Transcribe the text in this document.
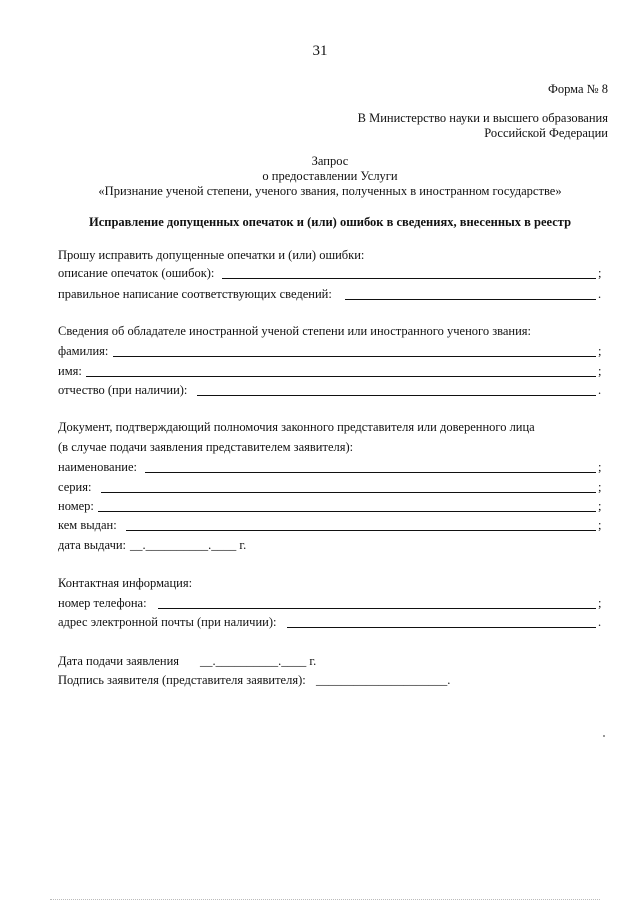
31
Форма № 8
В Министерство науки и высшего образования
Российской Федерации
Запрос
о предоставлении Услуги
«Признание ученой степени, ученого звания, полученных в иностранном государстве»
Исправление допущенных опечаток и (или) ошибок в сведениях, внесенных в реестр
Прошу исправить допущенные опечатки и (или) ошибки:
описание опечаток (ошибок):	;
правильное написание соответствующих сведений:	.
Сведения об обладателе иностранной ученой степени или иностранного ученого звания:
фамилия:	;
имя:	;
отчество (при наличии):	.
Документ, подтверждающий полномочия законного представителя или доверенного лица
(в случае подачи заявления представителем заявителя):
наименование:	;
серия:	;
номер:	;
кем выдан:	;
дата выдачи: __.__________.____ г.
Контактная информация:
номер телефона:	;
адрес электронной почты (при наличии):	.
Дата подачи заявления __.__________.____ г.
Подпись заявителя (представителя заявителя): _____________________.
